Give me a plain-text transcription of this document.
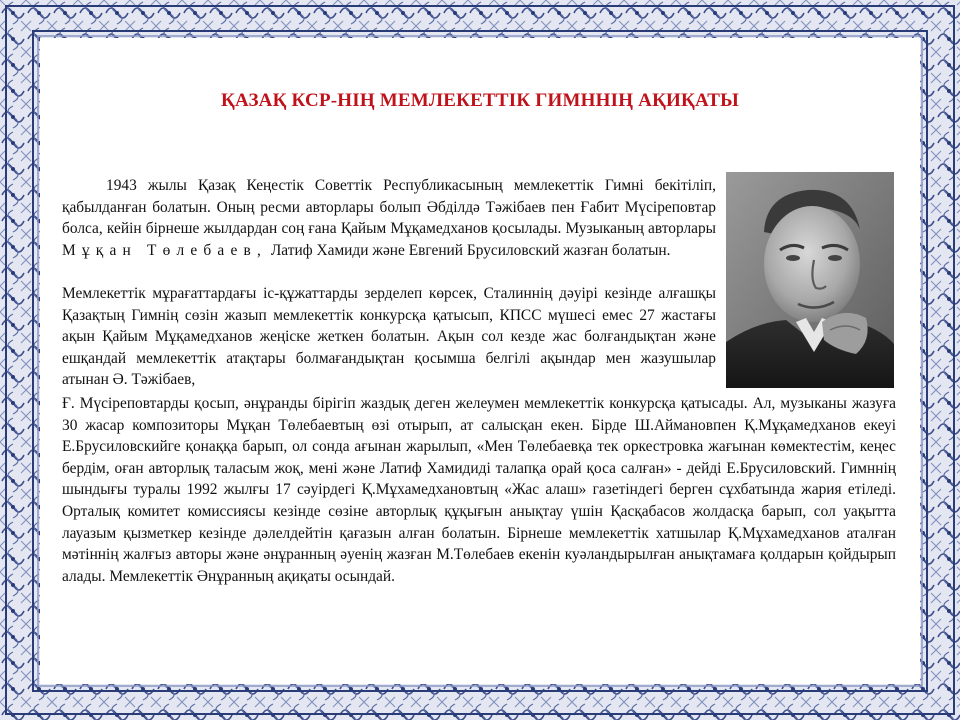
ҚАЗАҚ КСР-НІҢ МЕМЛЕКЕТТІК ГИМННІҢ АҚИҚАТЫ

1943 жылы Қазақ Кеңестік Советтік Республикасының мемлекеттік Гимні бекітіліп, қабылданған болатын. Оның ресми авторлары болып Әбділдә Тәжібаев пен Ғабит Мүсіреповтар болса, кейін бірнеше жылдардан соң ғана Қайым Мұқамедханов қосылады. Музыканың авторлары Мұқан Төлебаев, Латиф Хамиди және Евгений Брусиловский жазған болатын.

Мемлекеттік мұрағаттардағы іс-құжаттарды зерделеп көрсек, Сталиннің дәуірі кезінде алғашқы Қазақтың Гимнің сөзін жазып мемлекеттік конкурсқа қатысып, КПСС мүшесі емес 27 жастағы ақын Қайым Мұқамедханов жеңіске жеткен болатын. Ақын сол кезде жас болғандықтан және ешқандай мемлекеттік атақтары болмағандықтан қосымша белгілі ақындар мен жазушылар атынан Ә. Тәжібаев,

Ғ. Мүсіреповтарды қосып, әнұранды бірігіп жаздық деген желеумен мемлекеттік конкурсқа қатысады. Ал, музыканы жазуға 30 жасар композиторы Мұқан Төлебаевтың өзі отырып, ат салысқан екен. Бірде Ш.Аймановпен Қ.Мұқамедханов екеуі Е.Брусиловскийге қонаққа барып, ол сонда ағынан жарылып, «Мен Төлебаевқа тек оркестровка жағынан көмектестім, кеңес бердім, оған авторлық таласым жоқ, мені және Латиф Хамидиді талапқа орай қоса салған» - дейді Е.Брусиловский. Гимннің шындығы туралы 1992 жылғы 17 сәуірдегі Қ.Мұхамедхановтың «Жас алаш» газетіндегі берген сұхбатында жария етіледі. Орталық комитет комиссиясы кезінде сөзіне авторлық құқығын анықтау үшін Қасқабасов жолдасқа барып, сол уақытта лауазым қызметкер кезінде дәлелдейтін қағазын алған болатын. Бірнеше мемлекеттік хатшылар Қ.Мұхамедханов аталған мәтіннің жалғыз авторы және әнұранның әуенің жазған М.Төлебаев екенін куәландырылған анықтамаға қолдарын қойдырып алады. Мемлекеттік Әнұранның ақиқаты осындай.
